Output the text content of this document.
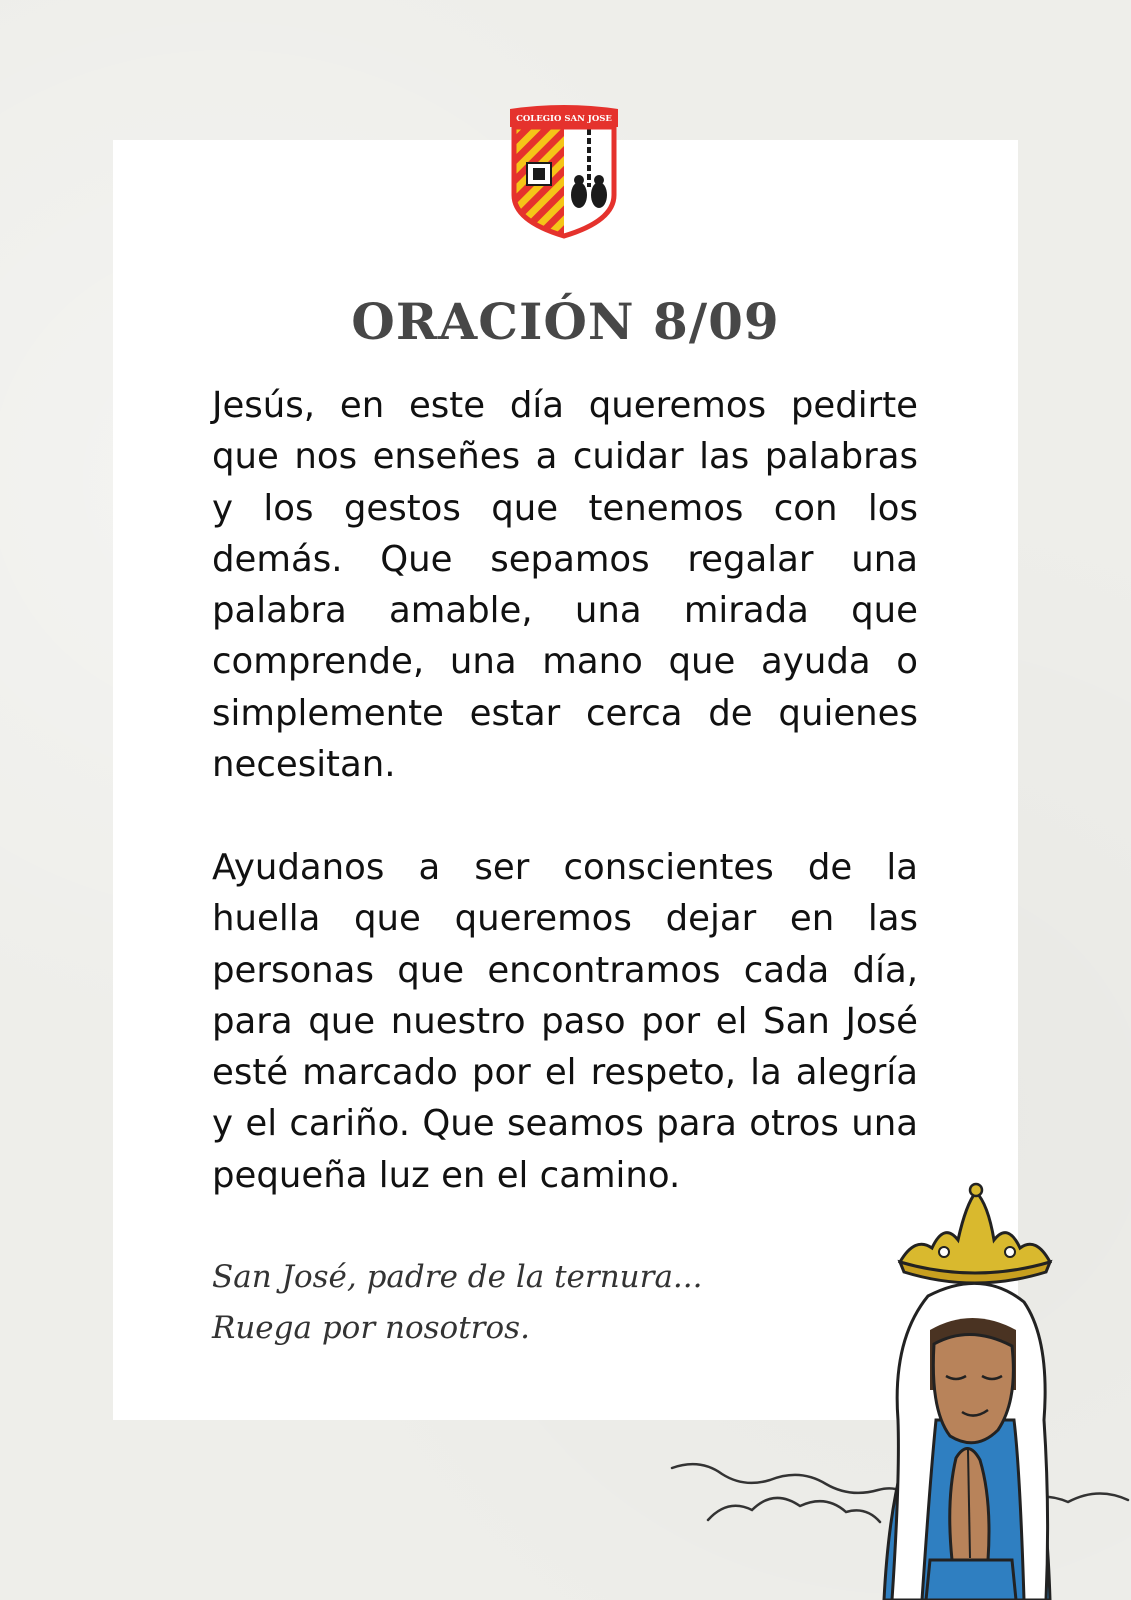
COLEGIO SAN JOSE
ORACIÓN 8/09

Jesús, en este día queremos pedirte que nos enseñes a cuidar las palabras y los gestos que tenemos con los demás. Que sepamos regalar una palabra amable, una mirada que comprende, una mano que ayuda o simplemente estar cerca de quienes necesitan.

Ayudanos a ser conscientes de la huella que queremos dejar en las personas que encontramos cada día, para que nuestro paso por el San José esté marcado por el respeto, la alegría y el cariño. Que seamos para otros una pequeña luz en el camino.

San José, padre de la ternura...
Ruega por nosotros.
